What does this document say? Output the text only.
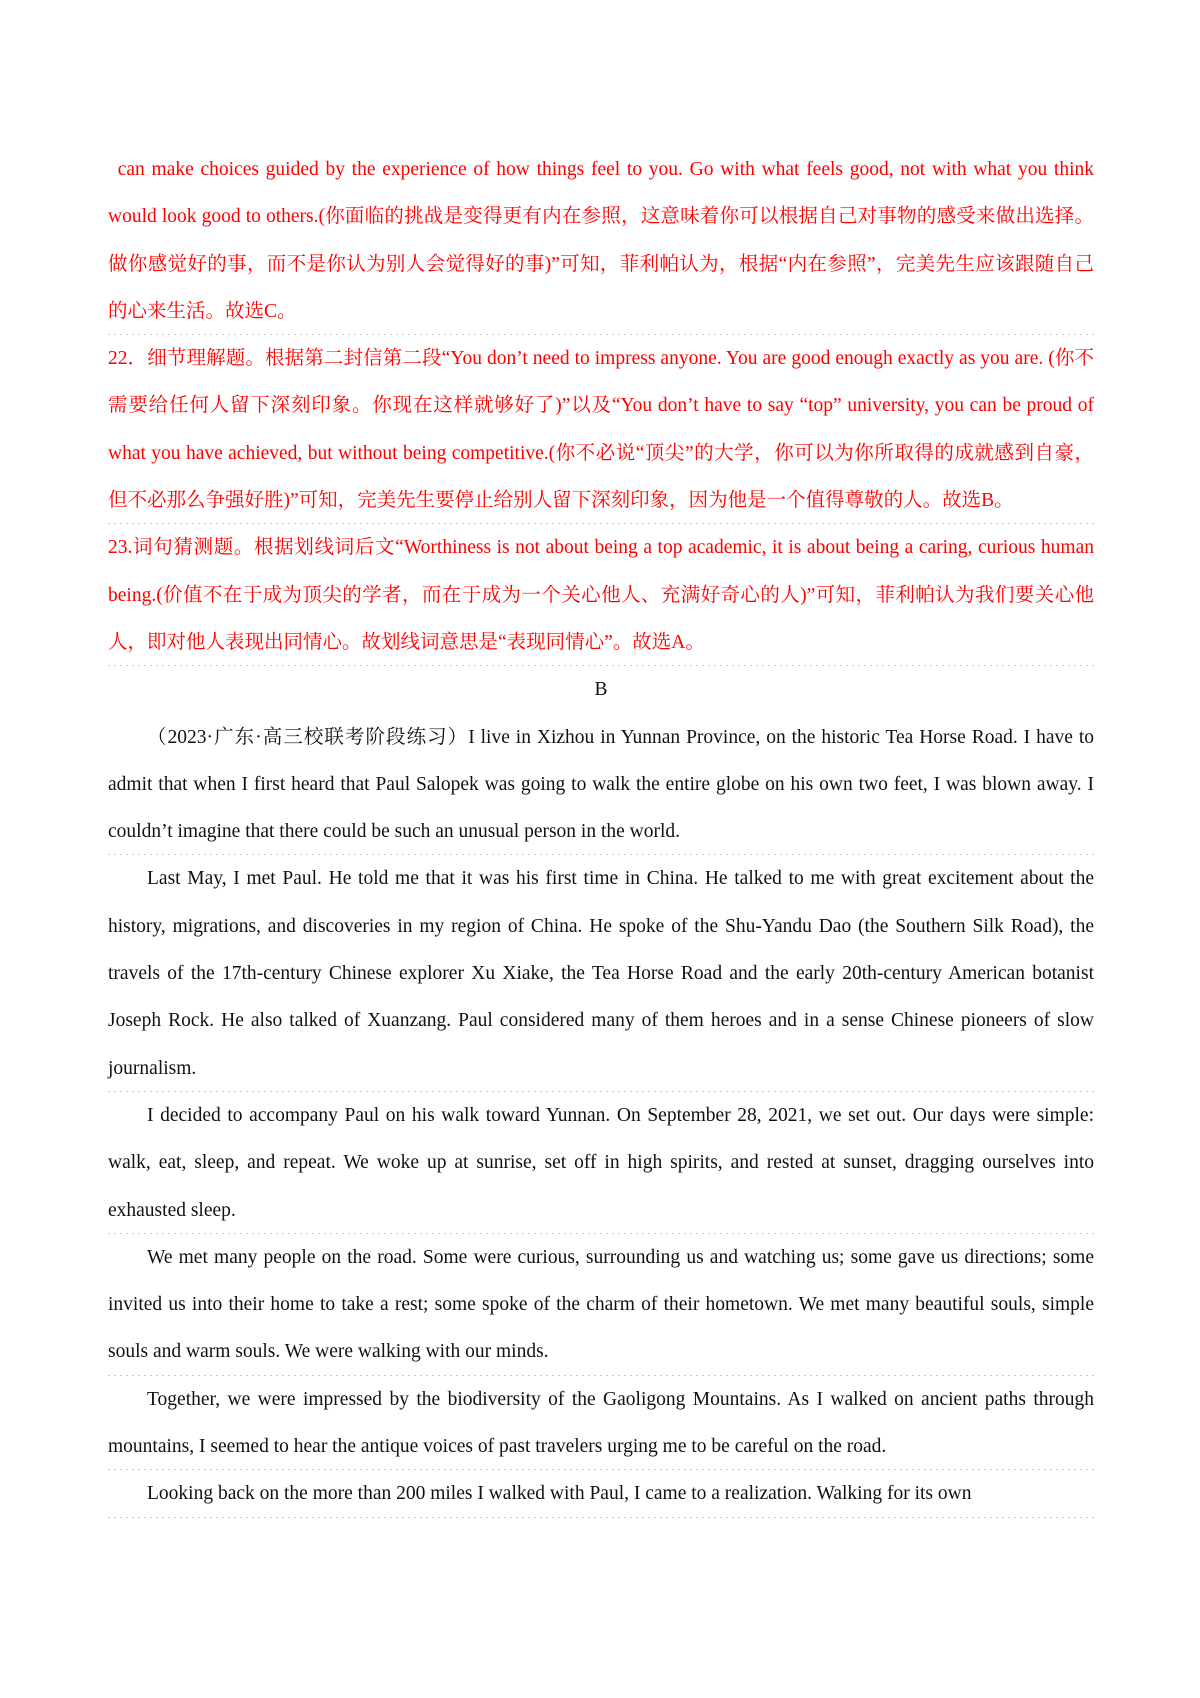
can make choices guided by the experience of how things feel to you. Go with what feels good, not with what you think would look good to others.(你面临的挑战是变得更有内在参照，这意味着你可以根据自己对事物的感受来做出选择。做你感觉好的事，而不是你认为别人会觉得好的事)”可知，菲利帕认为，根据“内在参照”，完美先生应该跟随自己的心来生活。故选C。

22．细节理解题。根据第二封信第二段“You don’t need to impress anyone. You are good enough exactly as you are. (你不需要给任何人留下深刻印象。你现在这样就够好了)”以及“You don’t have to say “top” university, you can be proud of what you have achieved, but without being competitive.(你不必说“顶尖”的大学，你可以为你所取得的成就感到自豪，但不必那么争强好胜)”可知，完美先生要停止给别人留下深刻印象，因为他是一个值得尊敬的人。故选B。

23.词句猜测题。根据划线词后文“Worthiness is not about being a top academic, it is about being a caring, curious human being.(价值不在于成为顶尖的学者，而在于成为一个关心他人、充满好奇心的人)”可知，菲利帕认为我们要关心他人，即对他人表现出同情心。故划线词意思是“表现同情心”。故选A。

B

（2023·广东·高三校联考阶段练习）I live in Xizhou in Yunnan Province, on the historic Tea Horse Road. I have to admit that when I first heard that Paul Salopek was going to walk the entire globe on his own two feet, I was blown away. I couldn’t imagine that there could be such an unusual person in the world.

Last May, I met Paul. He told me that it was his first time in China. He talked to me with great excitement about the history, migrations, and discoveries in my region of China. He spoke of the Shu-Yandu Dao (the Southern Silk Road), the travels of the 17th-century Chinese explorer Xu Xiake, the Tea Horse Road and the early 20th-century American botanist Joseph Rock. He also talked of Xuanzang. Paul considered many of them heroes and in a sense Chinese pioneers of slow journalism.

I decided to accompany Paul on his walk toward Yunnan. On September 28, 2021, we set out. Our days were simple: walk, eat, sleep, and repeat. We woke up at sunrise, set off in high spirits, and rested at sunset, dragging ourselves into exhausted sleep.

We met many people on the road. Some were curious, surrounding us and watching us; some gave us directions; some invited us into their home to take a rest; some spoke of the charm of their hometown. We met many beautiful souls, simple souls and warm souls. We were walking with our minds.

Together, we were impressed by the biodiversity of the Gaoligong Mountains. As I walked on ancient paths through mountains, I seemed to hear the antique voices of past travelers urging me to be careful on the road.

Looking back on the more than 200 miles I walked with Paul, I came to a realization. Walking for its own
